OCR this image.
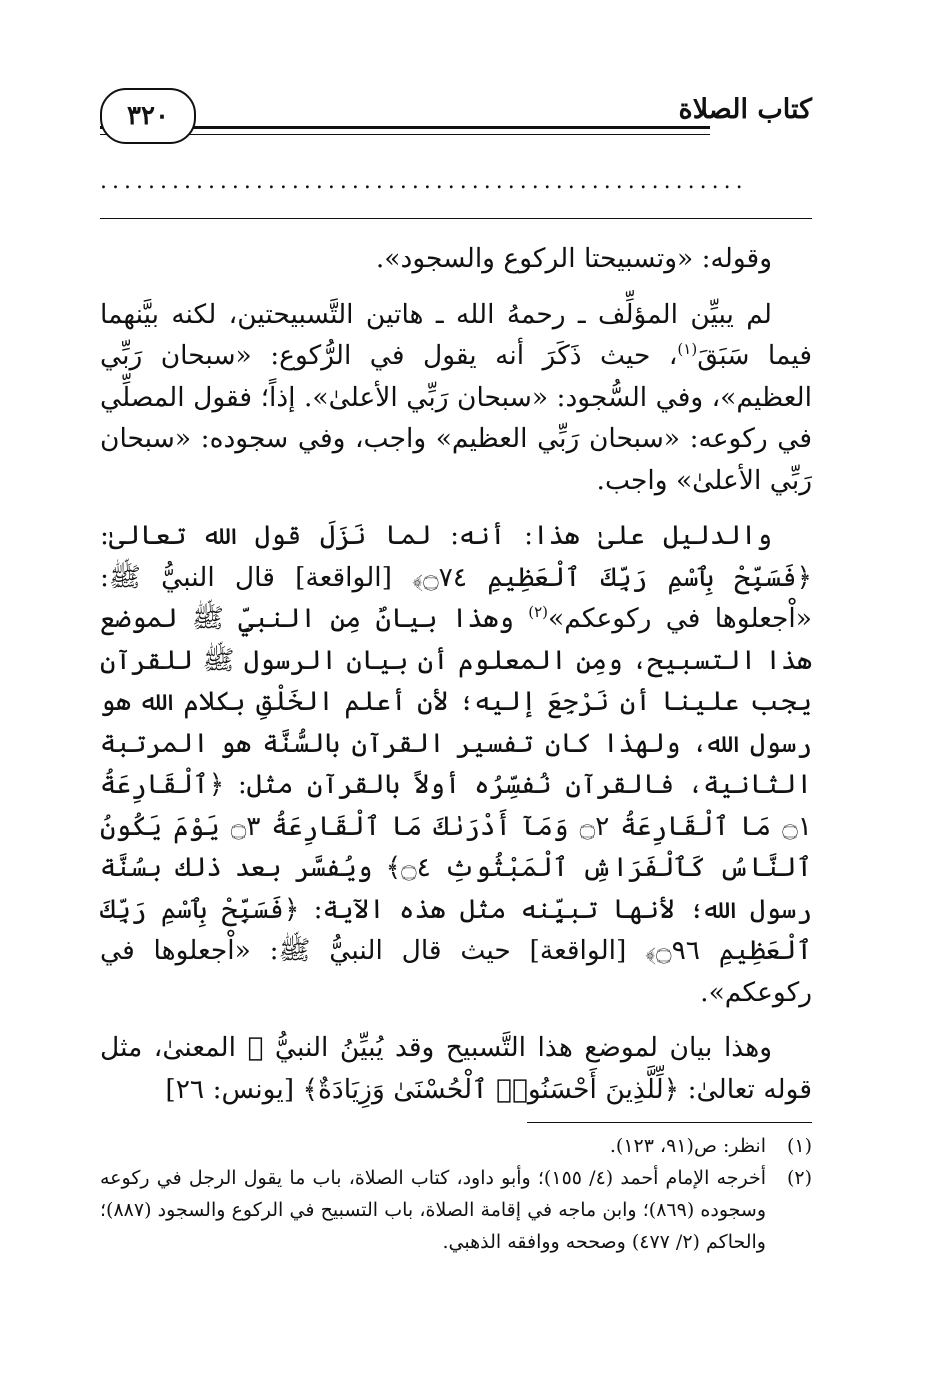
كتاب الصلاة
٣٢٠
......................................................

وقوله: «وتسبيحتا الركوع والسجود».

لم يبيِّن المؤلِّف ـ رحمهُ الله ـ هاتين التَّسبيحتين، لكنه بيَّنهما فيما سَبَقَ$^{(١)}$، حيث ذَكَرَ أنه يقول في الرُّكوع: «سبحان رَبِّي العظيم»، وفي السُّجود: «سبحان رَبِّي الأعلىٰ». إذاً؛ فقول المصلِّي في ركوعه: «سبحان رَبِّي العظيم» واجب، وفي سجوده: «سبحان رَبِّي الأعلىٰ» واجب.

والدليل علىٰ هذا: أنه: لما نَزَلَ قول الله تعالىٰ: ﴿فَسَبِّحْ بِٱسْمِ رَبِّكَ ٱلْعَظِيمِ ۝٧٤﴾ [الواقعة] قال النبيُّ ﷺ: «اْجعلوها في ركوعكم»$^{(٢)}$ وهذا بيانٌ مِن النبيِّ ﷺ لموضع هذا التسبيح، ومِن المعلوم أن بيان الرسول ﷺ للقرآن يجب علينا أن نَرْجِعَ إليه؛ لأن أعلم الخَلْقِ بكلام الله هو رسول الله، ولهذا كان تفسير القرآن بالسُّنَّة هو المرتبة الثانية، فالقرآن نُفسِّرُه أولاً بالقرآن مثل: ﴿ٱلْقَارِعَةُ ۝١ مَا ٱلْقَارِعَةُ ۝٢ وَمَآ أَدْرَىٰكَ مَا ٱلْقَارِعَةُ ۝٣ يَوْمَ يَكُونُ ٱلنَّاسُ كَٱلْفَرَاشِ ٱلْمَبْثُوثِ ۝٤﴾ ويُفسَّر بعد ذلك بسُنَّة رسول الله؛ لأنها تبيِّنه مثل هذه الآية: ﴿فَسَبِّحْ بِٱسْمِ رَبِّكَ ٱلْعَظِيمِ ۝٩٦﴾ [الواقعة] حيث قال النبيُّ ﷺ: «اْجعلوها في ركوعكم».

وهذا بيان لموضع هذا التَّسبيح وقد يُبيِّنُ النبيُّ ﷺ المعنىٰ، مثل قوله تعالىٰ: ﴿لِّلَّذِينَ أَحْسَنُوا۟ ٱلْحُسْنَىٰ وَزِيَادَةٌ﴾ [يونس: ٢٦]

(١)
انظر: ص(٩١، ١٢٣).
(٢)
أخرجه الإمام أحمد (٤/ ١٥٥)؛ وأبو داود، كتاب الصلاة، باب ما يقول الرجل في ركوعه وسجوده (٨٦٩)؛ وابن ماجه في إقامة الصلاة، باب التسبيح في الركوع والسجود (٨٨٧)؛ والحاكم (٢/ ٤٧٧) وصححه ووافقه الذهبي.
